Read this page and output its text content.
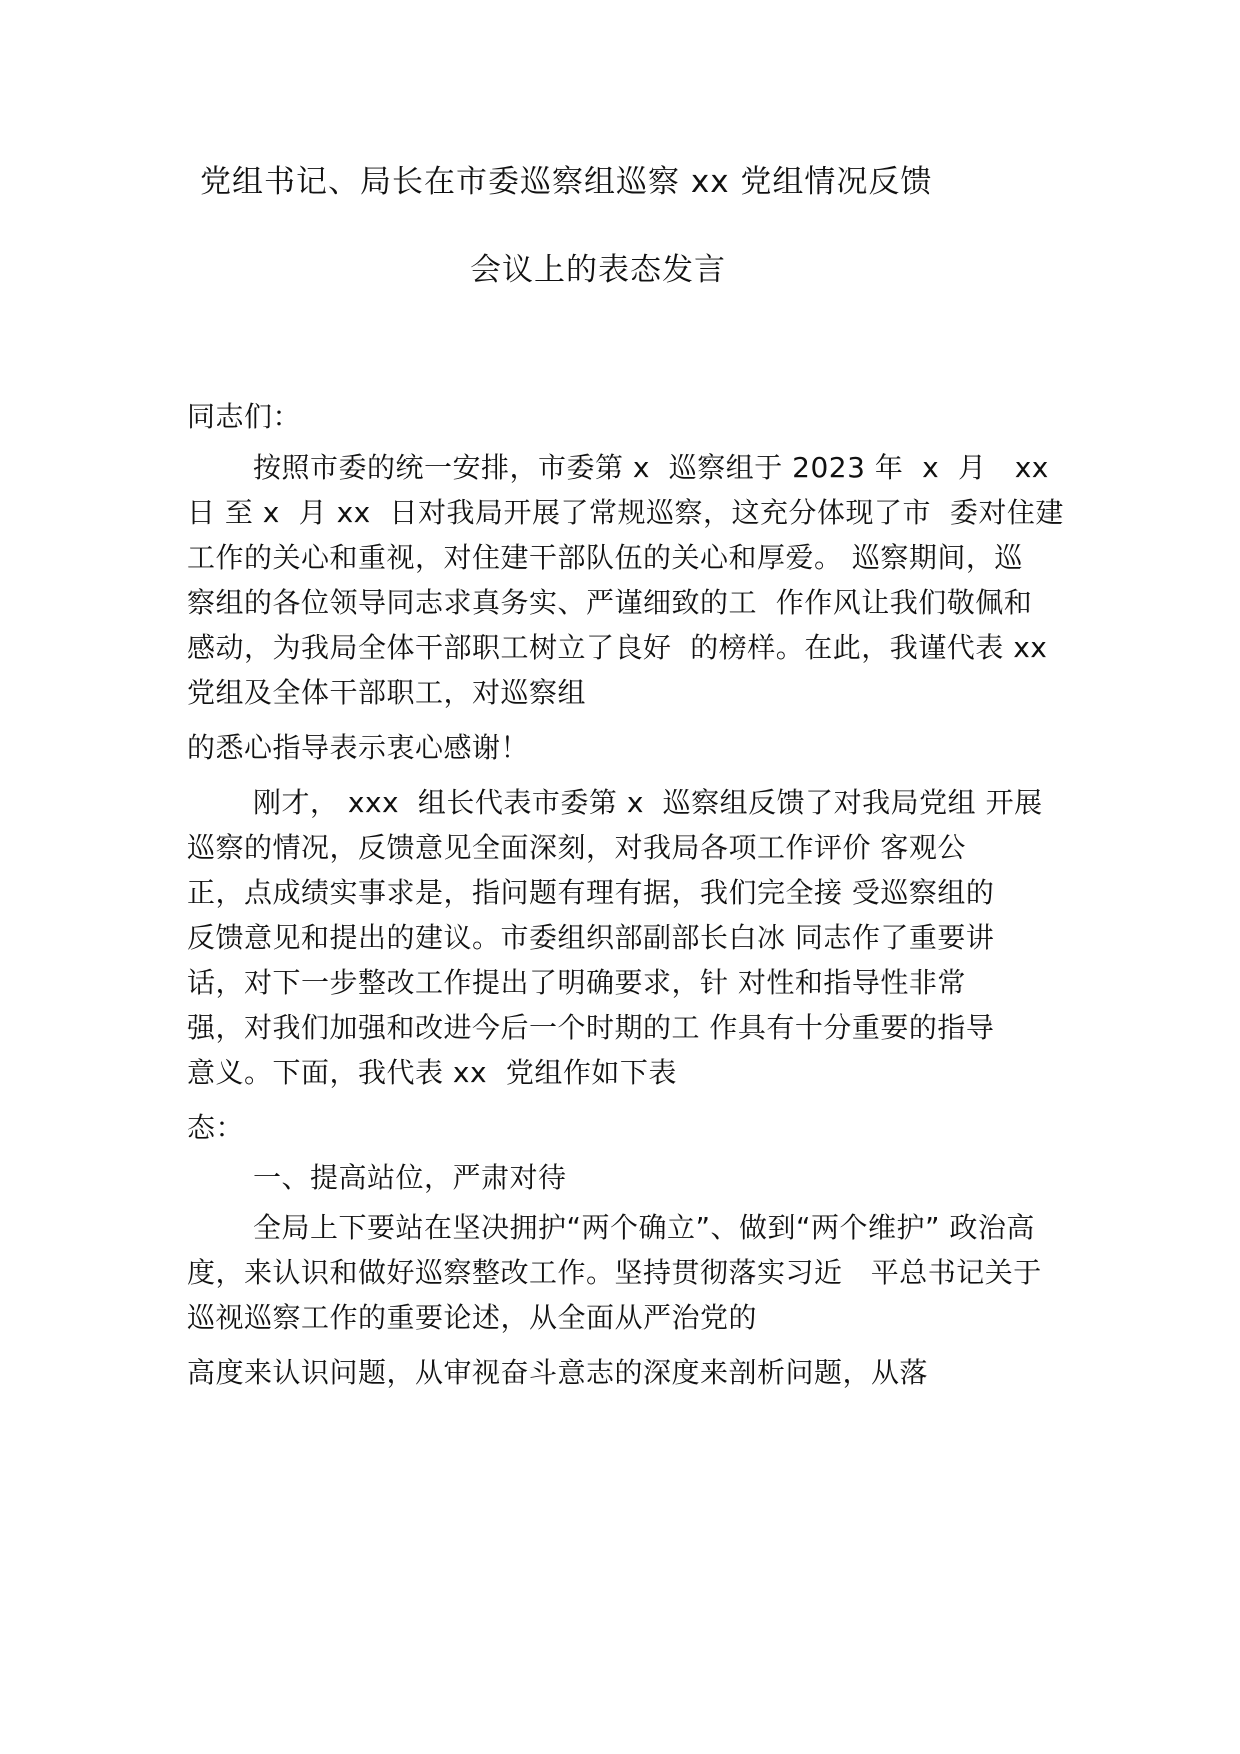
党组书记、局长在市委巡察组巡察 xx 党组情况反馈
会议上的表态发言
同志们：
按照市委的统一安排，市委第 x  巡察组于 2023 年  x  月   xx
日 至 x  月 xx  日对我局开展了常规巡察，这充分体现了市  委对住建
工作的关心和重视，对住建干部队伍的关心和厚爱。 巡察期间，巡
察组的各位领导同志求真务实、严谨细致的工  作作风让我们敬佩和
感动，为我局全体干部职工树立了良好  的榜样。在此，我谨代表 xx
党组及全体干部职工，对巡察组
的悉心指导表示衷心感谢！
刚才， xxx  组长代表市委第 x  巡察组反馈了对我局党组 开展
巡察的情况，反馈意见全面深刻，对我局各项工作评价 客观公
正，点成绩实事求是，指问题有理有据，我们完全接 受巡察组的
反馈意见和提出的建议。市委组织部副部长白冰 同志作了重要讲
话，对下一步整改工作提出了明确要求，针 对性和指导性非常
强，对我们加强和改进今后一个时期的工 作具有十分重要的指导
意义。下面，我代表 xx  党组作如下表
态：
一、提高站位，严肃对待
全局上下要站在坚决拥护“两个确立”、做到“两个维护” 政治高
度，来认识和做好巡察整改工作。坚持贯彻落实习近   平总书记关于
巡视巡察工作的重要论述，从全面从严治党的
高度来认识问题，从审视奋斗意志的深度来剖析问题，从落
